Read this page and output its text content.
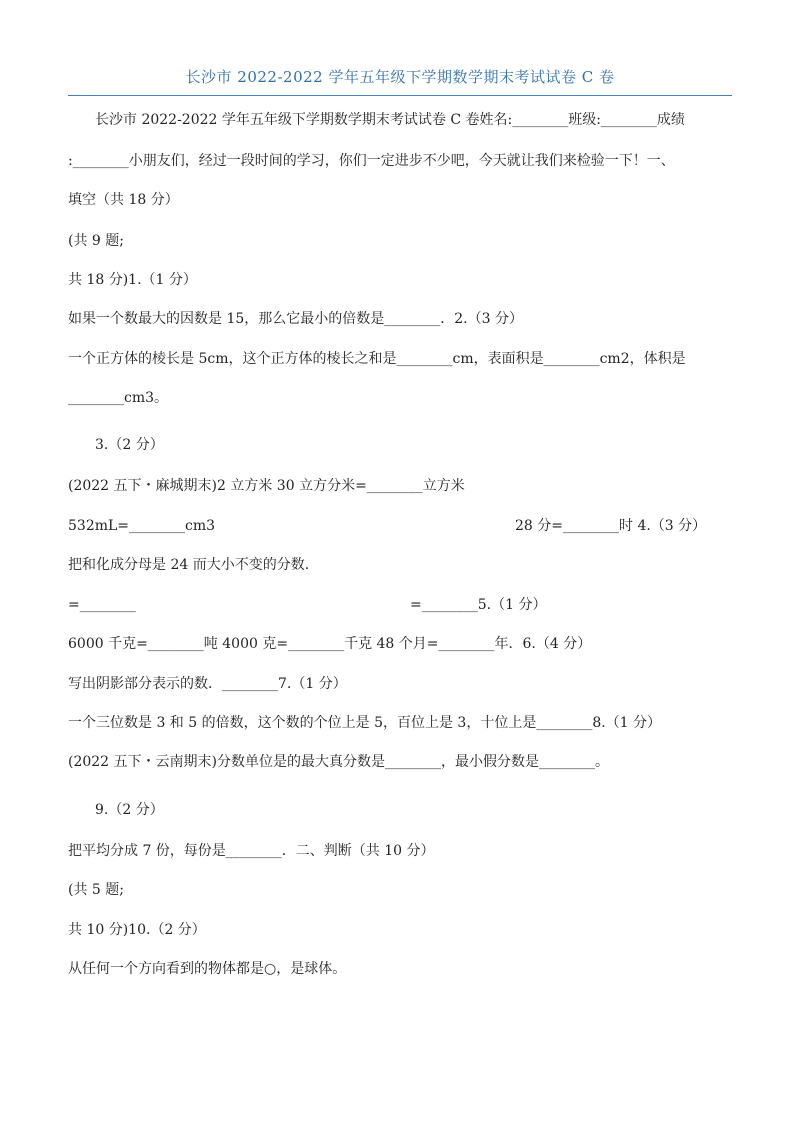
长沙市 2022-2022 学年五年级下学期数学期末考试试卷 C 卷
长沙市 2022-2022 学年五年级下学期数学期末考试试卷 C 卷姓名:________班级:________成绩
:________小朋友们，经过一段时间的学习，你们一定进步不少吧，今天就让我们来检验一下！一、
填空（共 18 分）
(共 9 题;
共 18 分)1.（1 分）
如果一个数最大的因数是 15，那么它最小的倍数是________．2.（3 分）
一个正方体的棱长是 5cm，这个正方体的棱长之和是________cm，表面积是________cm2，体积是
________cm3。
3.（2 分）
(2022 五下・麻城期末)2 立方米 30 立方分米=________立方米
532mL=________cm3	28 分=________时 4.（3 分）
把和化成分母是 24 而大小不变的分数.
=________	=________5.（1 分）
6000 千克=________吨 4000 克=________千克 48 个月=________年．6.（4 分）
写出阴影部分表示的数．________7.（1 分）
一个三位数是 3 和 5 的倍数，这个数的个位上是 5，百位上是 3，十位上是________8.（1 分）
(2022 五下・云南期末)分数单位是的最大真分数是________，最小假分数是________。
9.（2 分）
把平均分成 7 份，每份是________．二、判断（共 10 分）
(共 5 题;
共 10 分)10.（2 分）
从任何一个方向看到的物体都是○，是球体。
